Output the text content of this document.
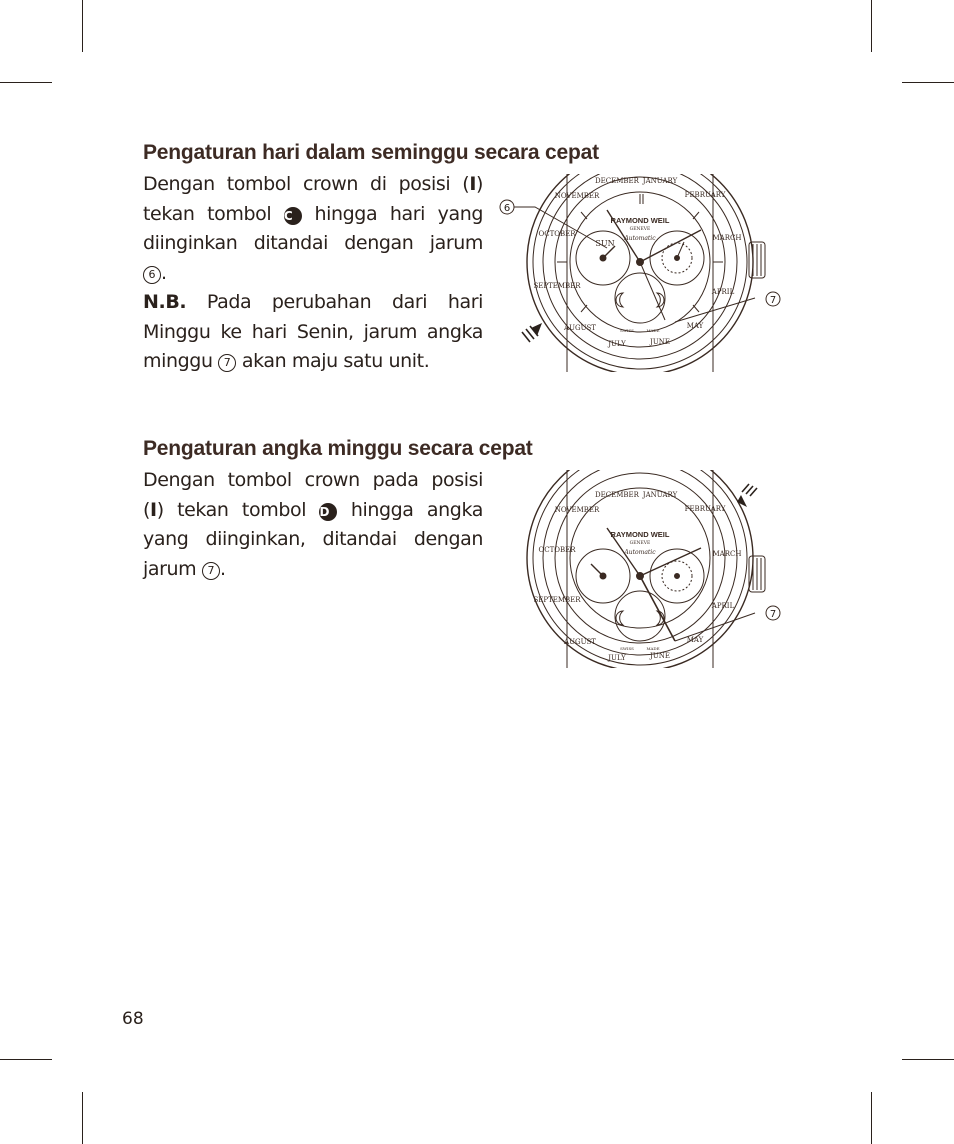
Pengaturan hari dalam seminggu secara cepat
Dengan tombol crown di posisi (I)
tekan tombol C hingga hari yang
diinginkan ditandai dengan jarum
6 .
N.B. Pada perubahan dari hari
Minggu ke hari Senin, jarum angka
minggu 7 akan maju satu unit.
Pengaturan angka minggu secara cepat
Dengan tombol crown pada posisi
(I) tekan tombol D hingga angka
yang diinginkan, ditandai dengan
jarum 7 .
DECEMBER JANUARY
FEBRUARY
MARCH
APRIL
MAY
JUNE
JULY
AUGUST
SEPTEMBER
OCTOBER
NOVEMBER
RAYMOND WEIL
GENEVE
Automatic
SUN
SWISS	MADE
6
7
DECEMBER JANUARY
FEBRUARY
MARCH
APRIL
MAY
JUNE
JULY
AUGUST
SEPTEMBER
OCTOBER
NOVEMBER
RAYMOND WEIL
GENEVE
Automatic
SWISS	MADE
7
68
